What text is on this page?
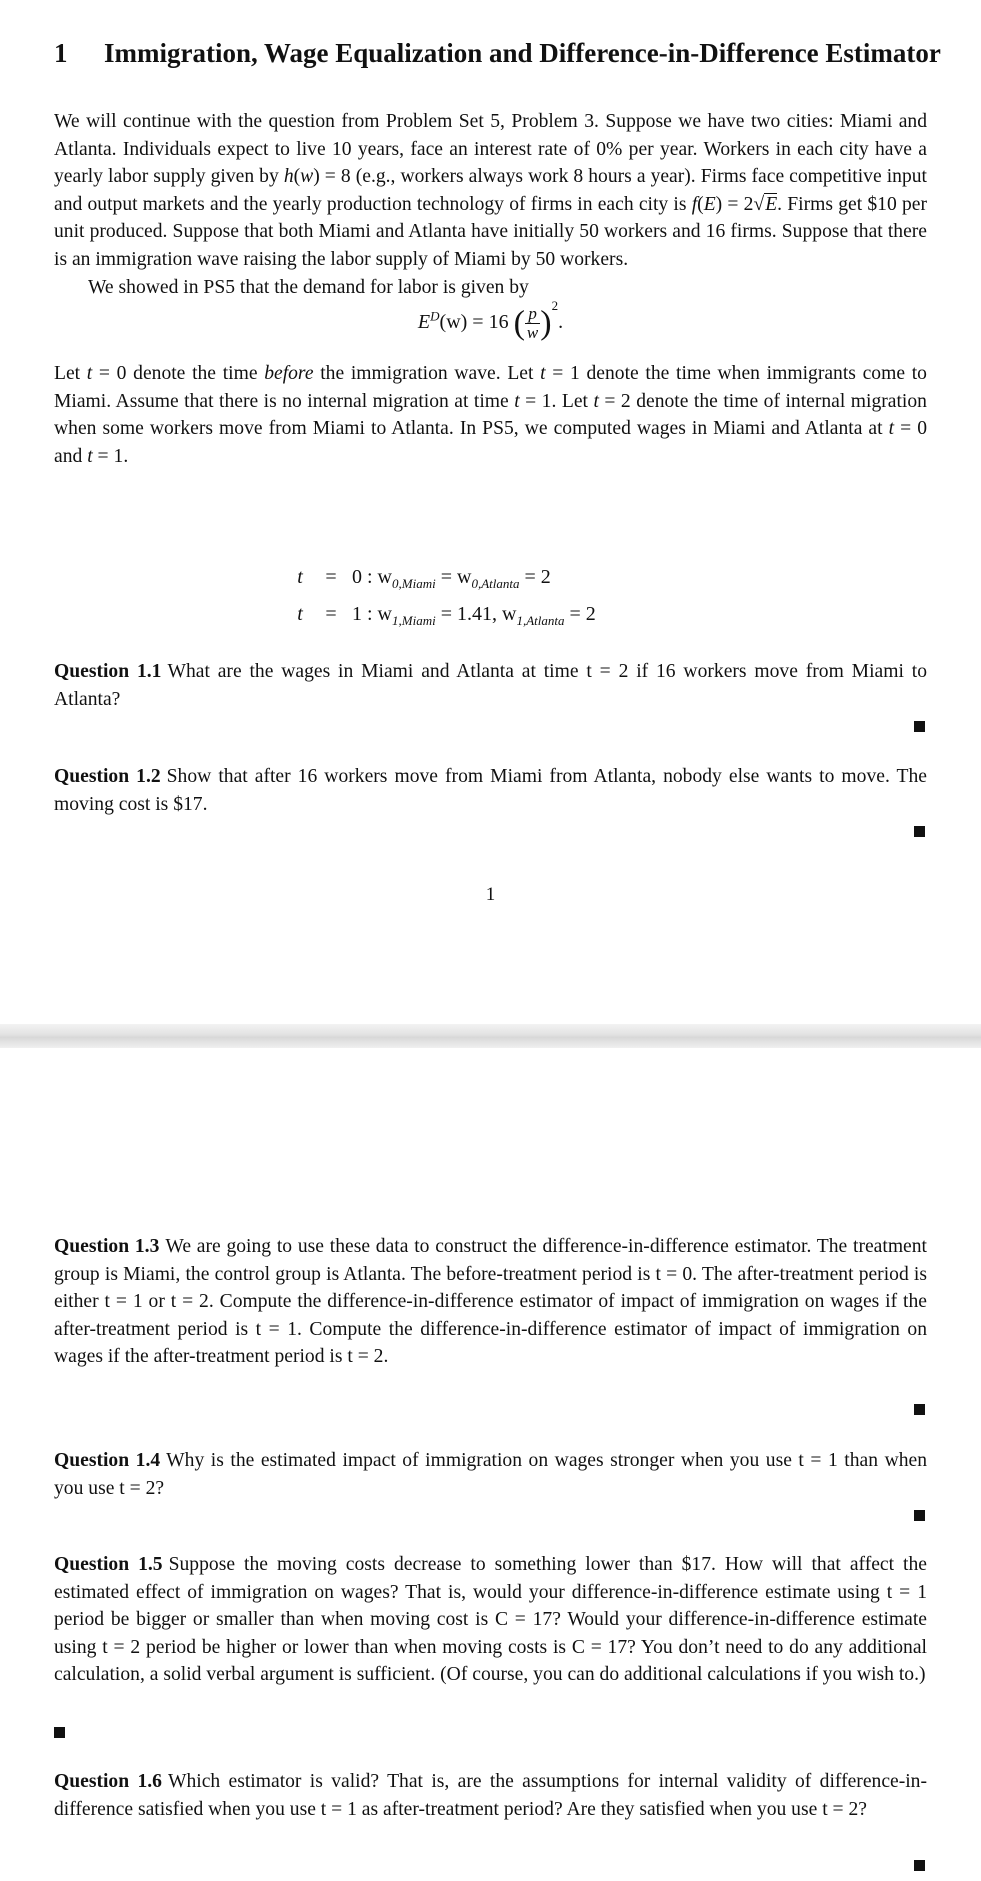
1 Immigration, Wage Equalization and Difference-in-Difference Estimator

We will continue with the question from Problem Set 5, Problem 3. Suppose we have two cities: Miami and Atlanta. Individuals expect to live 10 years, face an interest rate of 0% per year. Workers in each city have a yearly labor supply given by h(w) = 8 (e.g., workers always work 8 hours a year). Firms face competitive input and output markets and the yearly production technology of firms in each city is f(E) = 2√E. Firms get $10 per unit produced. Suppose that both Miami and Atlanta have initially 50 workers and 16 firms. Suppose that there is an immigration wave raising the labor supply of Miami by 50 workers.

We showed in PS5 that the demand for labor is given by

$E^D(w) = 16$ ( $\frac{p}{w} )^2$.

Let t = 0 denote the time before the immigration wave. Let t = 1 denote the time when immigrants come to Miami. Assume that there is no internal migration at time t = 1. Let t = 2 denote the time of internal migration when some workers move from Miami to Atlanta. In PS5, we computed wages in Miami and Atlanta at t = 0 and t = 1.

t = 0 : $w_{0,Miami} = w_{0,Atlanta} = 2$
t = 1 : $w_{1,Miami} = 1.41$, $w_{1,Atlanta} = 2$

Question 1.1 What are the wages in Miami and Atlanta at time t = 2 if 16 workers move from Miami to Atlanta?

Question 1.2 Show that after 16 workers move from Miami from Atlanta, nobody else wants to move. The moving cost is $17.

1

Question 1.3 We are going to use these data to construct the difference-in-difference estimator. The treatment group is Miami, the control group is Atlanta. The before-treatment period is t = 0. The after-treatment period is either t = 1 or t = 2. Compute the difference-in-difference estimator of impact of immigration on wages if the after-treatment period is t = 1. Compute the difference-in-difference estimator of impact of immigration on wages if the after-treatment period is t = 2.

Question 1.4 Why is the estimated impact of immigration on wages stronger when you use t = 1 than when you use t = 2?

Question 1.5 Suppose the moving costs decrease to something lower than $17. How will that affect the estimated effect of immigration on wages? That is, would your difference-in-difference estimate using t = 1 period be bigger or smaller than when moving cost is C = 17? Would your difference-in-difference estimate using t = 2 period be higher or lower than when moving costs is C = 17? You don’t need to do any additional calculation, a solid verbal argument is sufficient. (Of course, you can do additional calculations if you wish to.)

Question 1.6 Which estimator is valid? That is, are the assumptions for internal validity of difference-in-difference satisfied when you use t = 1 as after-treatment period? Are they satisfied when you use t = 2?
